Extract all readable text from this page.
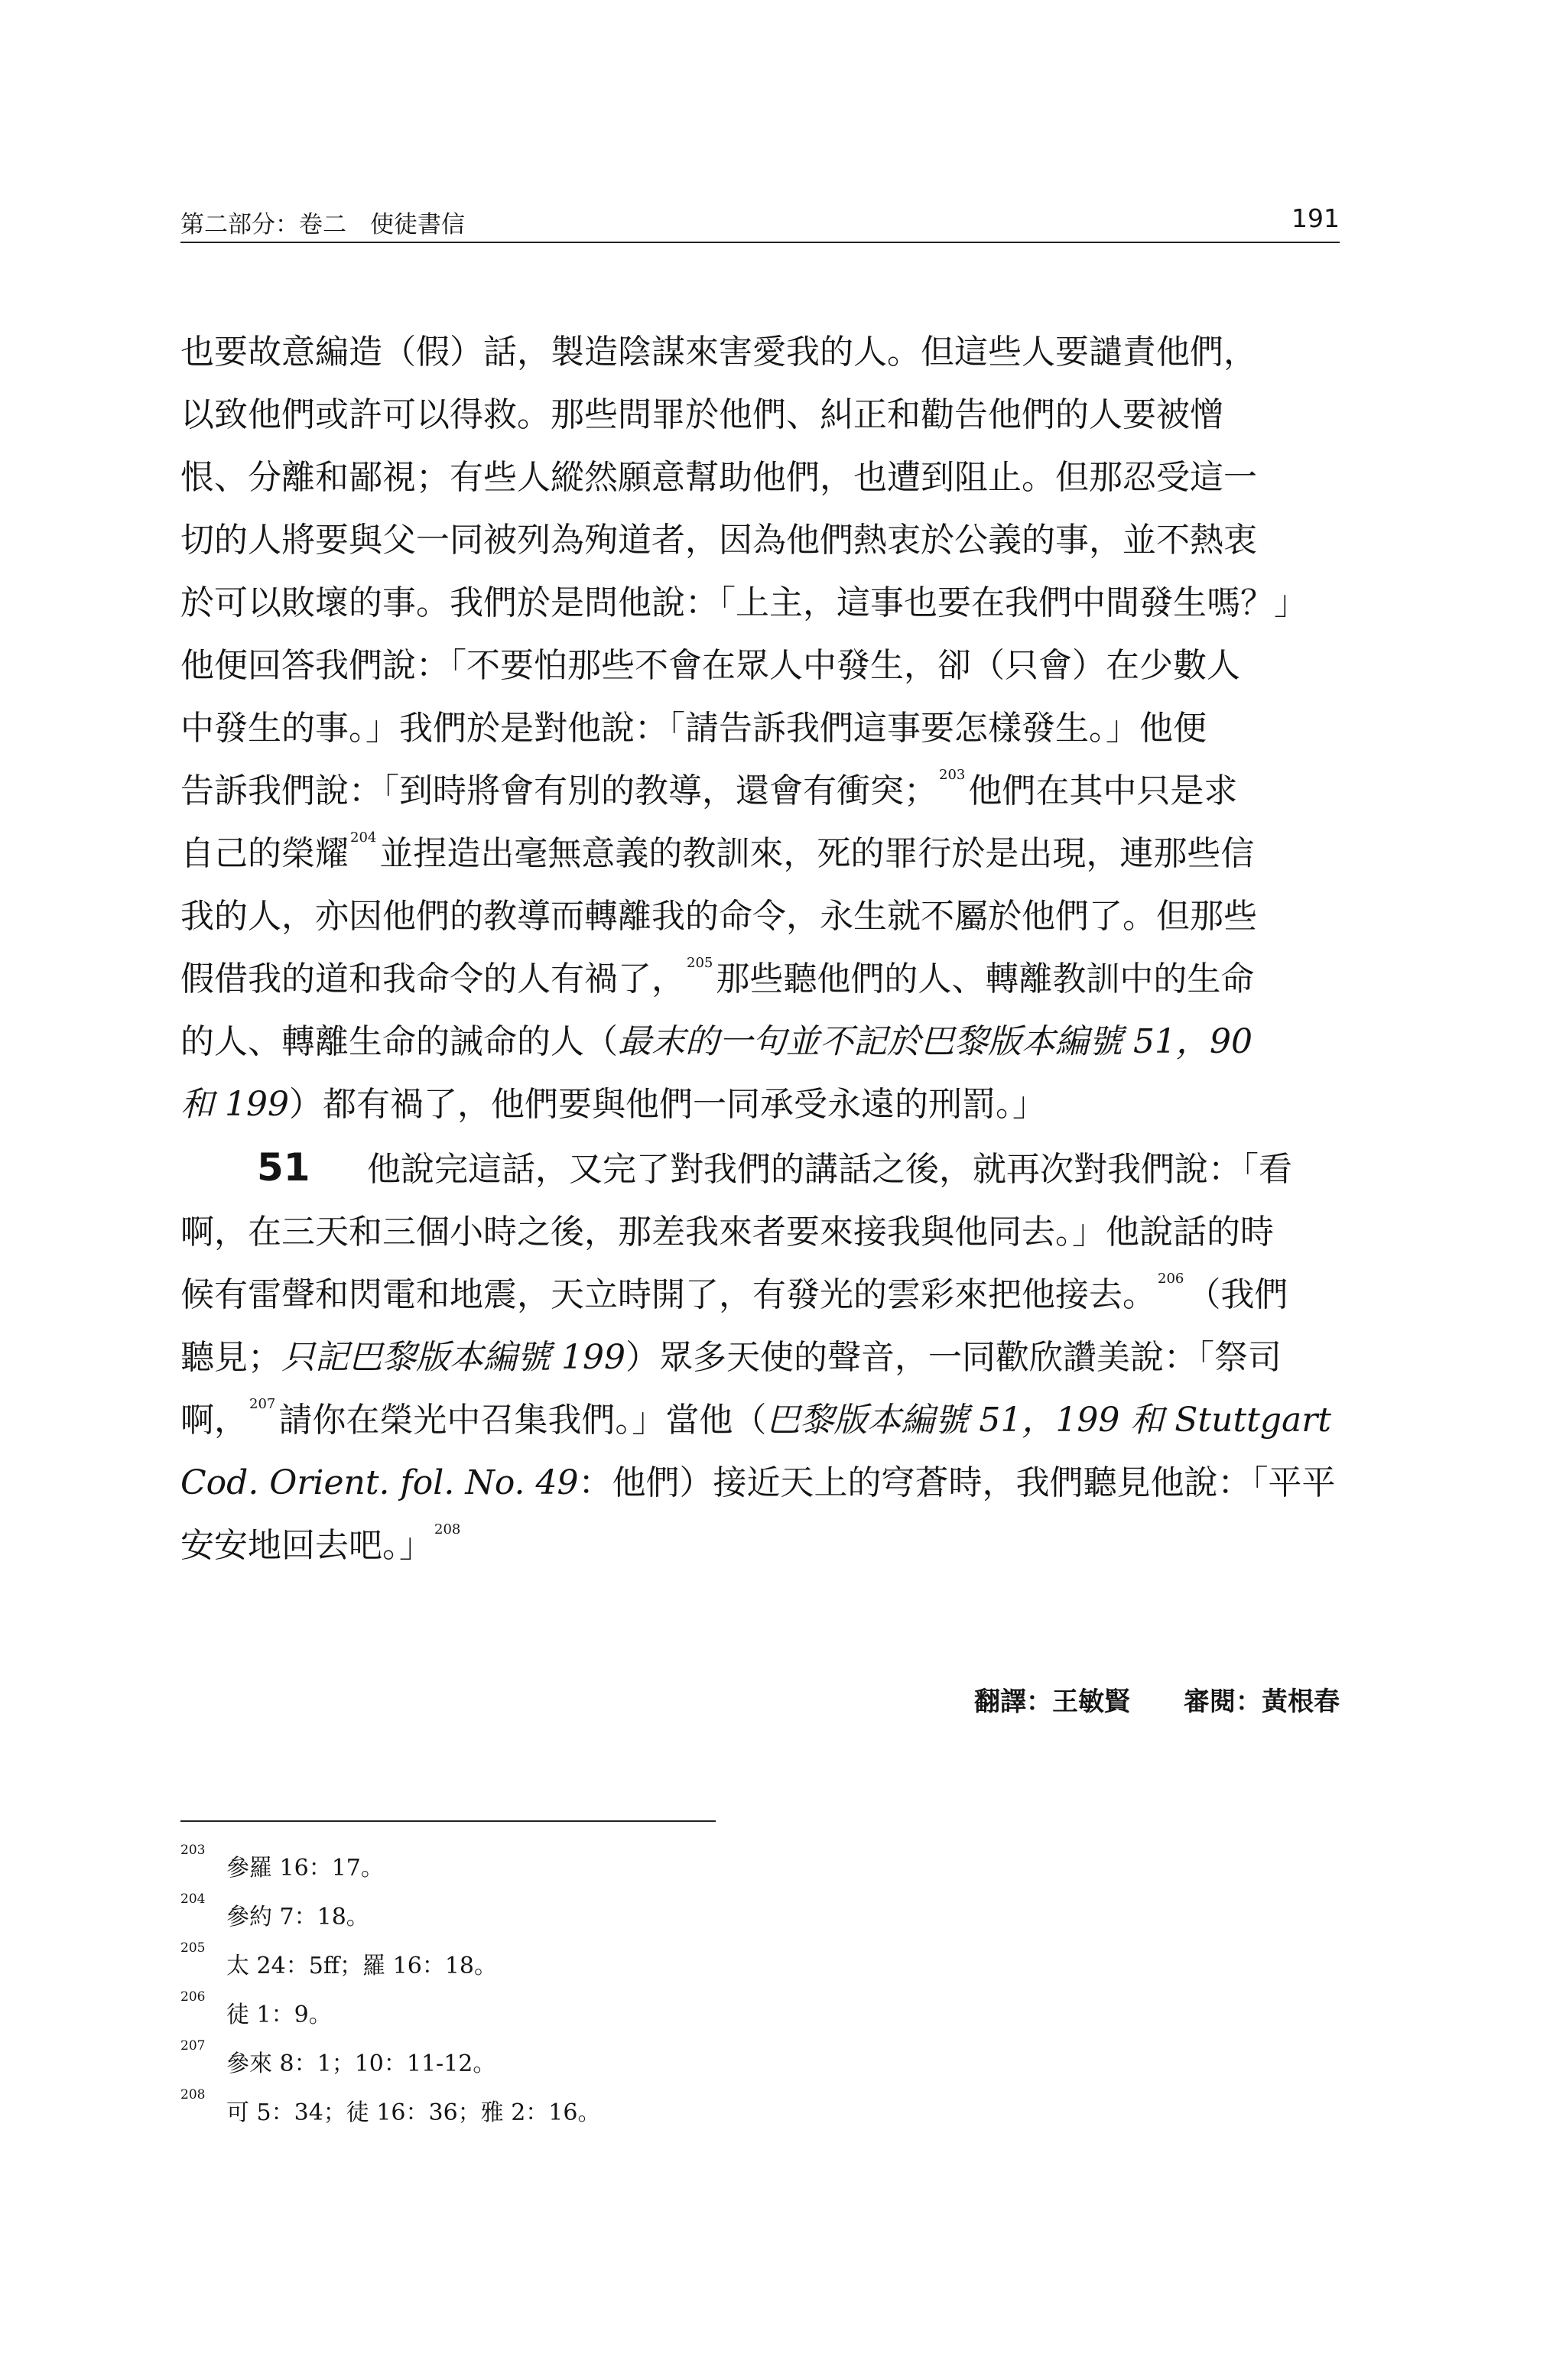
第二部分：卷二　使徒書信	191

也要故意編造（假）話，製造陰謀來害愛我的人。但這些人要譴責他們，
以致他們或許可以得救。那些問罪於他們、糾正和勸告他們的人要被憎
恨、分離和鄙視；有些人縱然願意幫助他們，也遭到阻止。但那忍受這一
切的人將要與父一同被列為殉道者，因為他們熱衷於公義的事，並不熱衷
於可以敗壞的事。我們於是問他說：「上主，這事也要在我們中間發生嗎？」
他便回答我們說：「不要怕那些不會在眾人中發生，卻（只會）在少數人
中發生的事。」我們於是對他說：「請告訴我們這事要怎樣發生。」他便
告訴我們說：「到時將會有別的教導，還會有衝突； $^{203}$他們在其中只是求
自己的榮耀 $^{204}$並捏造出毫無意義的教訓來，死的罪行於是出現，連那些信
我的人，亦因他們的教導而轉離我的命令，永生就不屬於他們了。但那些
假借我的道和我命令的人有禍了， $^{205}$那些聽他們的人、轉離教訓中的生命
的人、轉離生命的誡命的人（最末的一句並不記於巴黎版本編號 51，90
和 199）都有禍了，他們要與他們一同承受永遠的刑罰。」

51 他說完這話，又完了對我們的講話之後，就再次對我們說：「看
啊，在三天和三個小時之後，那差我來者要來接我與他同去。」他說話的時
候有雷聲和閃電和地震，天立時開了，有發光的雲彩來把他接去。 $^{206}$（我們
聽見；只記巴黎版本編號 199）眾多天使的聲音，一同歡欣讚美說：「祭司
啊， $^{207}$請你在榮光中召集我們。」當他（巴黎版本編號 51，199 和 Stuttgart
Cod. Orient. fol. No. 49：他們）接近天上的穹蒼時，我們聽見他說：「平平
安安地回去吧。」 $^{208}$

翻譯：王敏賢 審閱：黃根春
203
參羅 16：17。
204
參約 7：18。
205
太 24：5ff；羅 16：18。
206
徒 1：9。
207
參來 8：1；10：11-12。
208
可 5：34；徒 16：36；雅 2：16。
